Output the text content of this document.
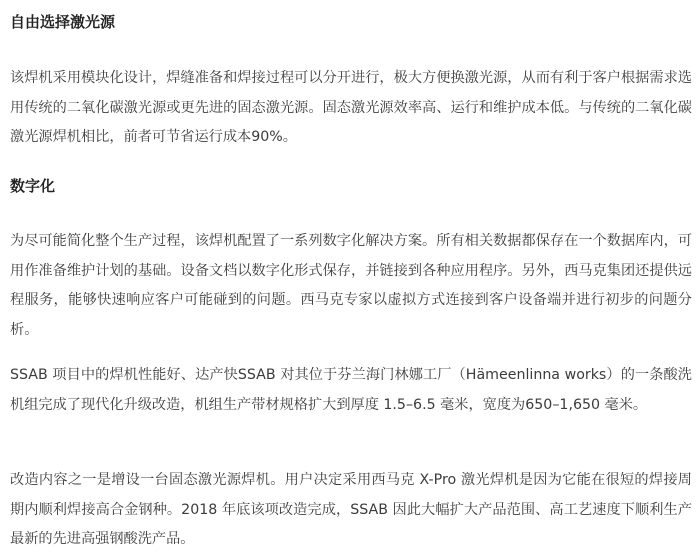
自由选择激光源

该焊机采用模块化设计，焊缝准备和焊接过程可以分开进行，极大方便换激光源，从而有利于客户根据需求选用传统的二氧化碳激光源或更先进的固态激光源。固态激光源效率高、运行和维护成本低。与传统的二氧化碳激光源焊机相比，前者可节省运行成本90%。

数字化

为尽可能简化整个生产过程，该焊机配置了一系列数字化解决方案。所有相关数据都保存在一个数据库内，可用作准备维护计划的基础。设备文档以数字化形式保存，并链接到各种应用程序。另外，西马克集团还提供远程服务，能够快速响应客户可能碰到的问题。西马克专家以虚拟方式连接到客户设备端并进行初步的问题分析。

SSAB 项目中的焊机性能好、达产快SSAB 对其位于芬兰海门林娜工厂（Hämeenlinna works）的一条酸洗机组完成了现代化升级改造，机组生产带材规格扩大到厚度 1.5–6.5 毫米，宽度为650–1,650 毫米。

改造内容之一是增设一台固态激光源焊机。用户决定采用西马克 X-Pro 激光焊机是因为它能在很短的焊接周期内顺利焊接高合金钢种。2018 年底该项改造完成，SSAB 因此大幅扩大产品范围、高工艺速度下顺利生产最新的先进高强钢酸洗产品。
